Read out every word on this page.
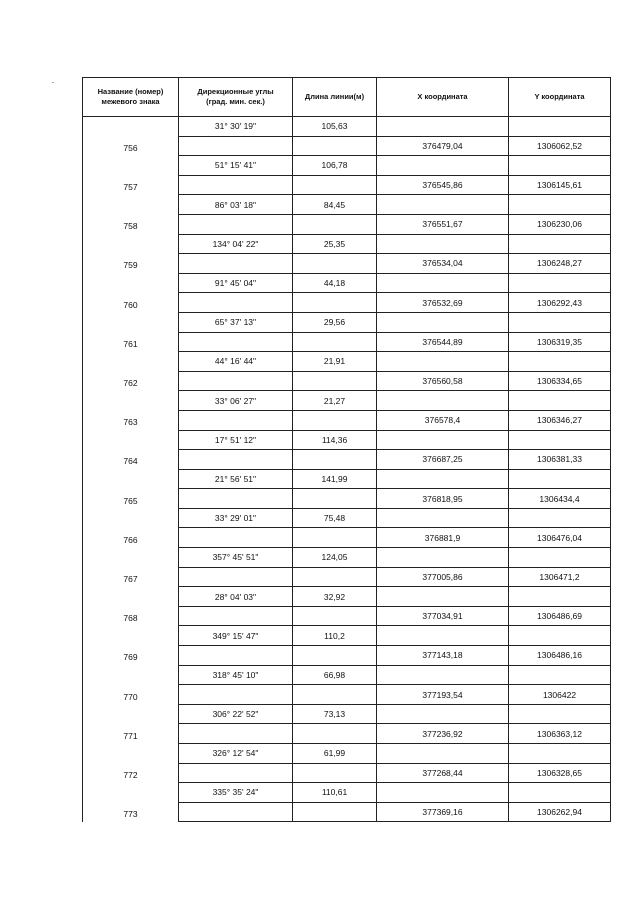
Название (номер)
межевого знака	Дирекционные углы
(град. мин. сек.)	Длина линии(м)	X координата	Y координата

	31° 30' 19"	105,63		
756			376479,04	1306062,52
	51° 15' 41"	106,78		
757			376545,86	1306145,61
	86° 03' 18"	84,45		
758			376551,67	1306230,06
	134° 04' 22"	25,35		
759			376534,04	1306248,27
	91° 45' 04"	44,18		
760			376532,69	1306292,43
	65° 37' 13"	29,56		
761			376544,89	1306319,35
	44° 16' 44"	21,91		
762			376560,58	1306334,65
	33° 06' 27"	21,27		
763			376578,4	1306346,27
	17° 51' 12"	114,36		
764			376687,25	1306381,33
	21° 56' 51"	141,99		
765			376818,95	1306434,4
	33° 29' 01"	75,48		
766			376881,9	1306476,04
	357° 45' 51"	124,05		
767			377005,86	1306471,2
	28° 04' 03"	32,92		
768			377034,91	1306486,69
	349° 15' 47"	110,2		
769			377143,18	1306486,16
	318° 45' 10"	66,98		
770			377193,54	1306422
	306° 22' 52"	73,13		
771			377236,92	1306363,12
	326° 12' 54"	61,99		
772			377268,44	1306328,65
	335° 35' 24"	110,61		
773			377369,16	1306262,94
